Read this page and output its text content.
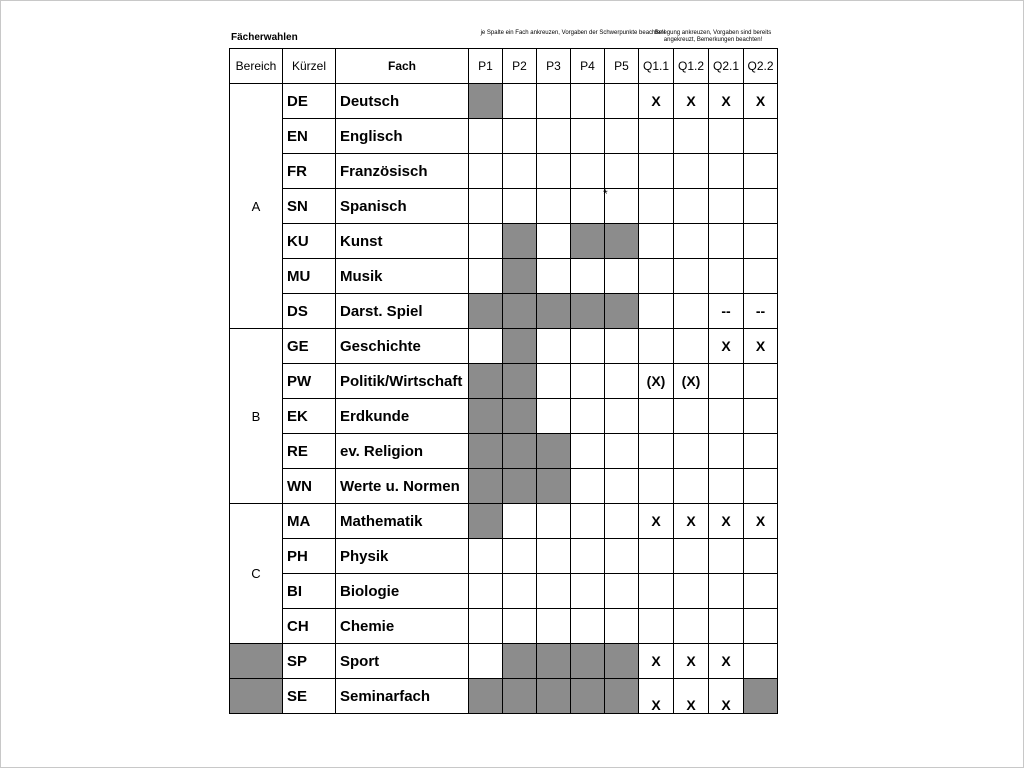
Fächerwahlen	je Spalte ein Fach ankreuzen, Vorgaben der Schwerpunkte beachten!
Belegung ankreuzen, Vorgaben sind bereits angekreuzt, Bemerkungen beachten!
Bereich	Kürzel	Fach	P1	P2	P3	P4	P5	Q1.1	Q1.2	Q2.1	Q2.2
A	DE	Deutsch						X	X	X	X
	EN	Englisch									
	FR	Französisch									
	SN	Spanisch					*				

	KU	Kunst									
	MU	Musik									
	DS	Darst. Spiel								--	--
B	GE	Geschichte								X	X
	PW	Politik/Wirtschaft						(X)	(X)		
	EK	Erdkunde									
	RE	ev. Religion									
	WN	Werte u. Normen									
C	MA	Mathematik						X	X	X	X
	PH	Physik									
	BI	Biologie									
	CH	Chemie									
	SP	Sport						X	X	X	
	SE	Seminarfach						X	X	X	
